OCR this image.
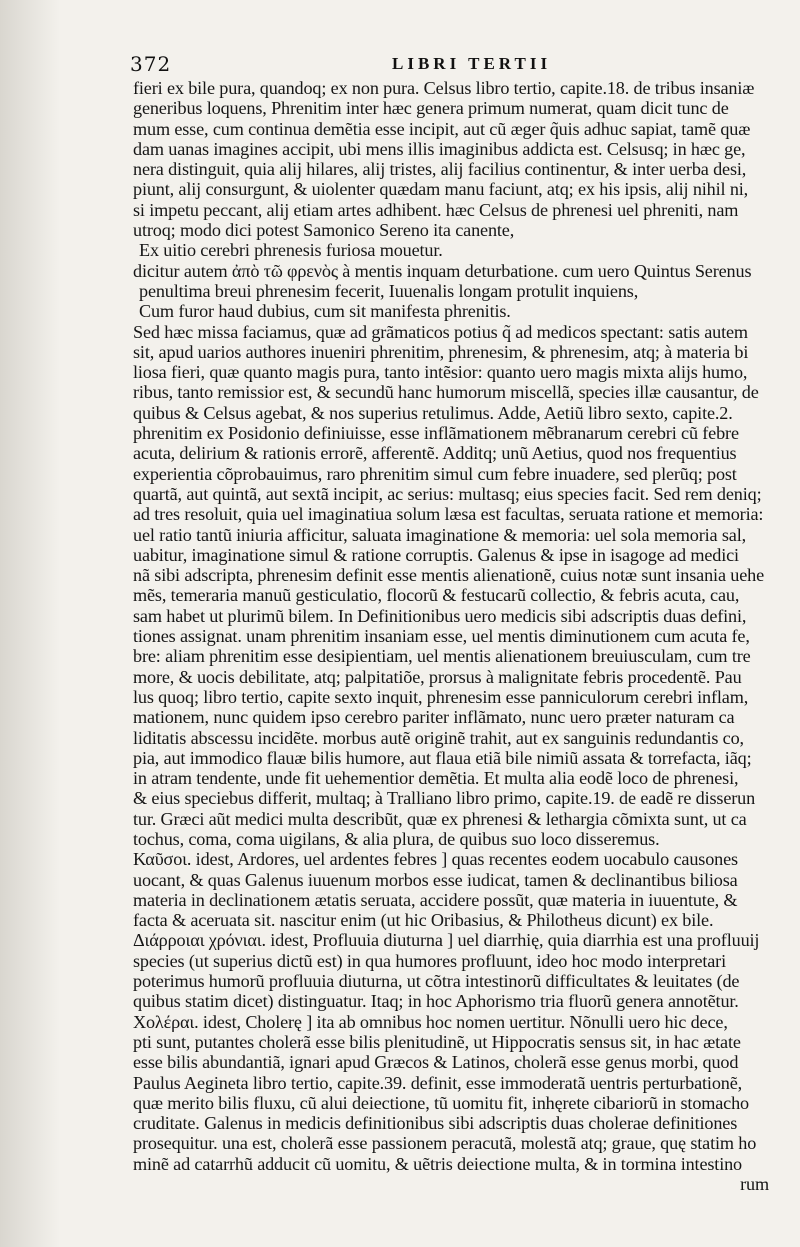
372	LIBRI TERTII
fieri ex bile pura, quandoq; ex non pura. Celsus libro tertio, capite.18. de tribus insaniæ
generibus loquens, Phrenitim inter hæc genera primum numerat, quam dicit tunc de
mum esse, cum continua demẽtia esse incipit, aut cũ æger q̃uis adhuc sapiat, tamẽ quæ
dam uanas imagines accipit, ubi mens illis imaginibus addicta est. Celsusq; in hæc ge,
nera distinguit, quia alij hilares, alij tristes, alij facilius continentur, & inter uerba desi,
piunt, alij consurgunt, & uiolenter quædam manu faciunt, atq; ex his ipsis, alij nihil ni,
si impetu peccant, alij etiam artes adhibent. hæc Celsus de phrenesi uel phreniti, nam
utroq; modo dici potest Samonico Sereno ita canente,
Ex uitio cerebri phrenesis furiosa mouetur.
dicitur autem ἀπὸ τῶ φρενὸς à mentis inquam deturbatione. cum uero Quintus Serenus
penultima breui phrenesim fecerit, Iuuenalis longam protulit inquiens,
Cum furor haud dubius, cum sit manifesta phrenitis.
Sed hæc missa faciamus, quæ ad grãmaticos potius q̃ ad medicos spectant: satis autem
sit, apud uarios authores inueniri phrenitim, phrenesim, & phrenesim, atq; à materia bi
liosa fieri, quæ quanto magis pura, tanto intẽsior: quanto uero magis mixta alijs humo,
ribus, tanto remissior est, & secundũ hanc humorum miscellã, species illæ causantur, de
quibus & Celsus agebat, & nos superius retulimus. Adde, Aetiũ libro sexto, capite.2.
phrenitim ex Posidonio definiuisse, esse inflãmationem mẽbranarum cerebri cũ febre
acuta, delirium & rationis errorẽ, afferentẽ. Additq; unũ Aetius, quod nos frequentius
experientia cõprobauimus, raro phrenitim simul cum febre inuadere, sed plerũq; post
quartã, aut quintã, aut sextã incipit, ac serius: multasq; eius species facit. Sed rem deniq;
ad tres resoluit, quia uel imaginatiua solum læsa est facultas, seruata ratione et memoria:
uel ratio tantũ iniuria afficitur, saluata imaginatione & memoria: uel sola memoria sal,
uabitur, imaginatione simul & ratione corruptis. Galenus & ipse in isagoge ad medici
nã sibi adscripta, phrenesim definit esse mentis alienationẽ, cuius notæ sunt insania uehe
mẽs, temeraria manuũ gesticulatio, flocorũ & festucarũ collectio, & febris acuta, cau,
sam habet ut plurimũ bilem. In Definitionibus uero medicis sibi adscriptis duas defini,
tiones assignat. unam phrenitim insaniam esse, uel mentis diminutionem cum acuta fe,
bre: aliam phrenitim esse desipientiam, uel mentis alienationem breuiusculam, cum tre
more, & uocis debilitate, atq; palpitatiõe, prorsus à malignitate febris procedentẽ. Pau
lus quoq; libro tertio, capite sexto inquit, phrenesim esse panniculorum cerebri inflam,
mationem, nunc quidem ipso cerebro pariter inflãmato, nunc uero præter naturam ca
liditatis abscessu incidẽte. morbus autẽ originẽ trahit, aut ex sanguinis redundantis co,
pia, aut immodico flauæ bilis humore, aut flaua etiã bile nimiũ assata & torrefacta, iãq;
in atram tendente, unde fit uehementior demẽtia. Et multa alia eodẽ loco de phrenesi,
& eius speciebus differit, multaq; à Tralliano libro primo, capite.19. de eadẽ re disserun
tur. Græci aũt medici multa describũt, quæ ex phrenesi & lethargia cõmixta sunt, ut ca
tochus, coma, coma uigilans, & alia plura, de quibus suo loco disseremus.
Καῦσοι. idest, Ardores, uel ardentes febres ] quas recentes eodem uocabulo causones
uocant, & quas Galenus iuuenum morbos esse iudicat, tamen & declinantibus biliosa
materia in declinationem ætatis seruata, accidere possũt, quæ materia in iuuentute, &
facta & aceruata sit. nascitur enim (ut hic Oribasius, & Philotheus dicunt) ex bile.
Διάρροιαι χρόνιαι. idest, Profluuia diuturna ] uel diarrhię, quia diarrhia est una profluuij
species (ut superius dictũ est) in qua humores profluunt, ideo hoc modo interpretari
poterimus humorũ profluuia diuturna, ut cõtra intestinorũ difficultates & leuitates (de
quibus statim dicet) distinguatur. Itaq; in hoc Aphorismo tria fluorũ genera annotẽtur.
Χολέραι. idest, Cholerę ] ita ab omnibus hoc nomen uertitur. Nõnulli uero hic dece,
pti sunt, putantes cholerã esse bilis plenitudinẽ, ut Hippocratis sensus sit, in hac ætate
esse bilis abundantiã, ignari apud Græcos & Latinos, cholerã esse genus morbi, quod
Paulus Aegineta libro tertio, capite.39. definit, esse immoderatã uentris perturbationẽ,
quæ merito bilis fluxu, cũ alui deiectione, tũ uomitu fit, inhęrete cibariorũ in stomacho
cruditate. Galenus in medicis definitionibus sibi adscriptis duas cholerae definitiones
prosequitur. una est, cholerã esse passionem peracutã, molestã atq; graue, quę statim ho
minẽ ad catarrhũ adducit cũ uomitu, & uẽtris deiectione multa, & in tormina intestino
rum
